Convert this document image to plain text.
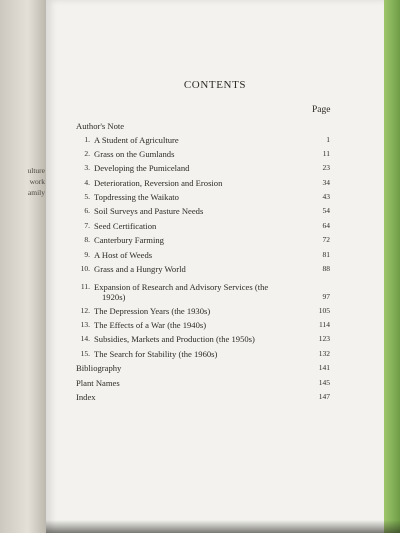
ulture
work
amily
CONTENTS
Page
Author's Note
1. A Student of Agriculture	1
2. Grass on the Gumlands	11
3. Developing the Pumiceland	23
4. Deterioration, Reversion and Erosion	34
5. Topdressing the Waikato	43
6. Soil Surveys and Pasture Needs	54
7. Seed Certification	64
8. Canterbury Farming	72
9. A Host of Weeds	81
10. Grass and a Hungry World	88
11. Expansion of Research and Advisory Services (the
1920s)	97
12. The Depression Years (the 1930s)	105
13. The Effects of a War (the 1940s)	114
14. Subsidies, Markets and Production (the 1950s)	123
15. The Search for Stability (the 1960s)	132
Bibliography	141
Plant Names	145
Index	147
